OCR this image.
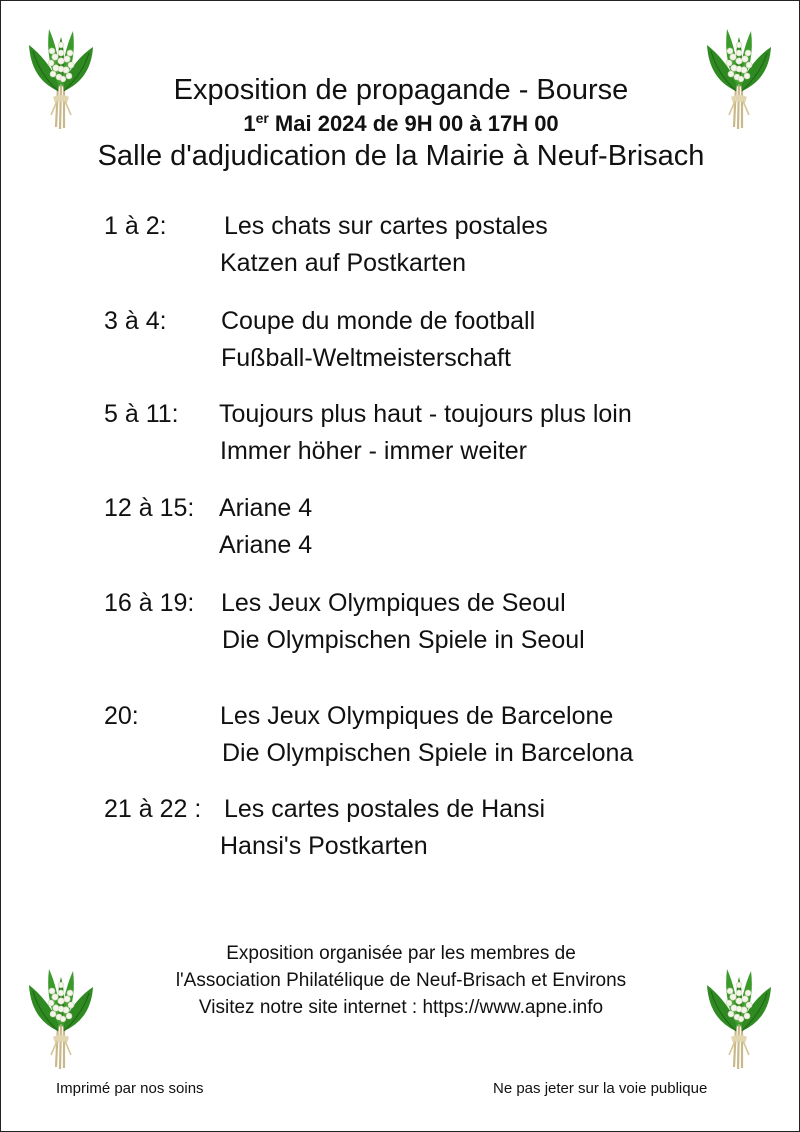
Exposition de propagande - Bourse
1er Mai 2024 de 9H 00 à 17H 00
Salle d'adjudication de la Mairie à Neuf-Brisach
1 à 2: Les chats sur cartes postales
Katzen auf Postkarten
3 à 4: Coupe du monde de football
Fußball-Weltmeisterschaft
5 à 11: Toujours plus haut - toujours plus loin
Immer höher - immer weiter
12 à 15: Ariane 4
Ariane 4
16 à 19: Les Jeux Olympiques de Seoul
Die Olympischen Spiele in Seoul
20:	Les Jeux Olympiques de Barcelone
Die Olympischen Spiele in Barcelona
21 à 22 : Les cartes postales de Hansi
Hansi's Postkarten
Exposition organisée par les membres de
l'Association Philatélique de Neuf-Brisach et Environs
Visitez notre site internet : https://www.apne.info
Imprimé par nos soins	Ne pas jeter sur la voie publique
